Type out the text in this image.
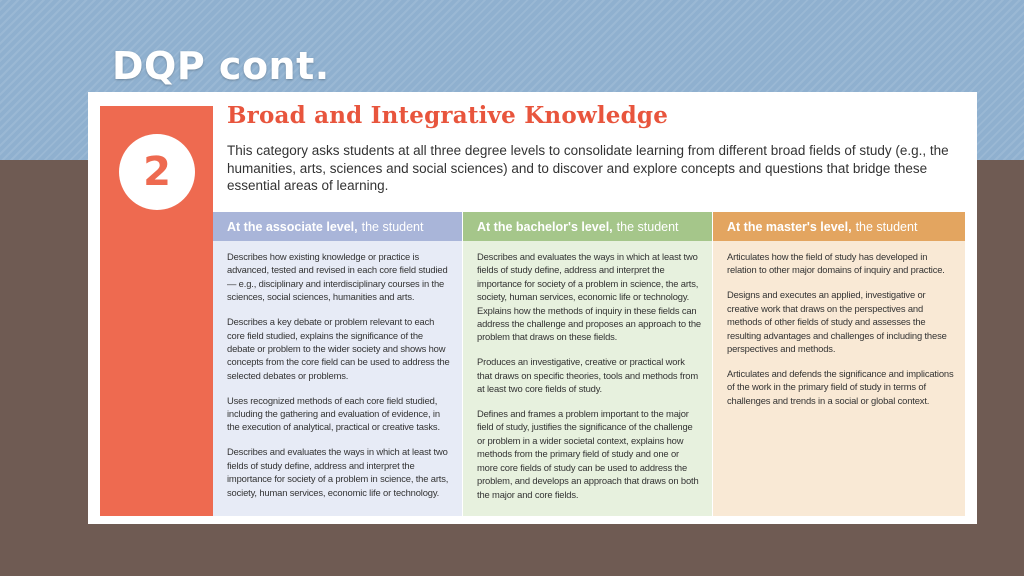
DQP cont.
2
Broad and Integrative Knowledge

This category asks students at all three degree levels to consolidate learning from different broad fields of study (e.g., the humanities, arts, sciences and social sciences) and to discover and explore concepts and questions that bridge these essential areas of learning.

At the associate level, the student	At the bachelor's level, the student	At the master's level, the student

Describes how existing knowledge or practice is advanced, tested and revised in each core field studied — e.g., disciplinary and interdisciplinary courses in the sciences, social sciences, humanities and arts.

Describes a key debate or problem relevant to each core field studied, explains the significance of the debate or problem to the wider society and shows how concepts from the core field can be used to address the selected debates or problems.

Uses recognized methods of each core field studied, including the gathering and evaluation of evidence, in the execution of analytical, practical or creative tasks.

Describes and evaluates the ways in which at least two fields of study define, address and interpret the importance for society of a problem in science, the arts, society, human services, economic life or technology.

Describes and evaluates the ways in which at least two fields of study define, address and interpret the importance for society of a problem in science, the arts, society, human services, economic life or technology. Explains how the methods of inquiry in these fields can address the challenge and proposes an approach to the problem that draws on these fields.

Produces an investigative, creative or practical work that draws on specific theories, tools and methods from at least two core fields of study.

Defines and frames a problem important to the major field of study, justifies the significance of the challenge or problem in a wider societal context, explains how methods from the primary field of study and one or more core fields of study can be used to address the problem, and develops an approach that draws on both the major and core fields.

Articulates how the field of study has developed in relation to other major domains of inquiry and practice.

Designs and executes an applied, investigative or creative work that draws on the perspectives and methods of other fields of study and assesses the resulting advantages and challenges of including these perspectives and methods.

Articulates and defends the significance and implications of the work in the primary field of study in terms of challenges and trends in a social or global context.
